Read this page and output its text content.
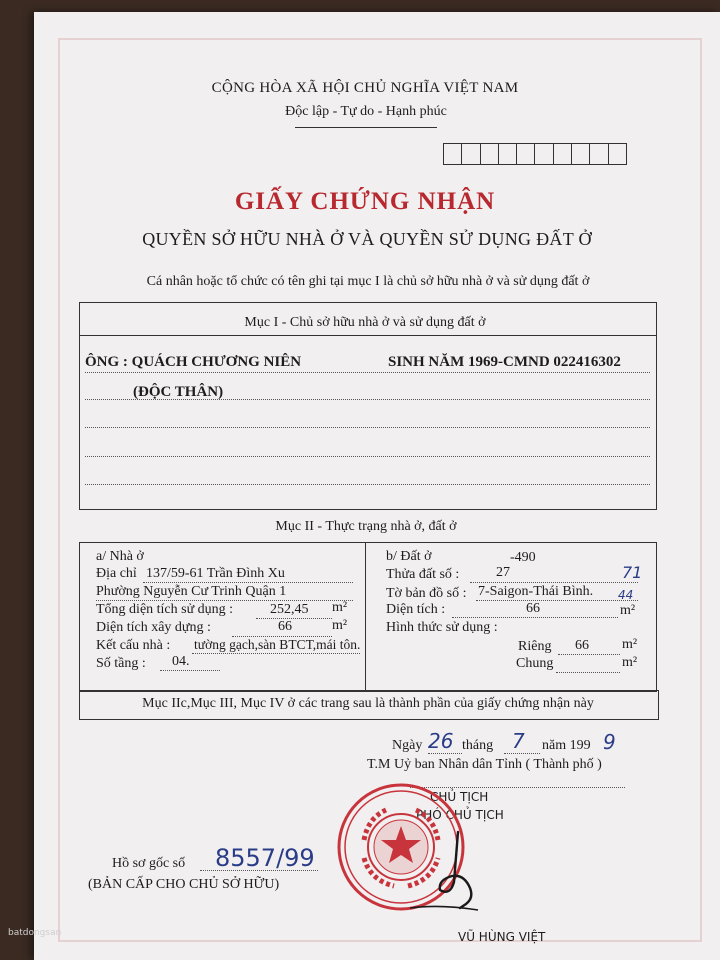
CỘNG HÒA XÃ HỘI CHỦ NGHĨA VIỆT NAM
Độc lập - Tự do - Hạnh phúc
GIẤY CHỨNG NHẬN
QUYỀN SỞ HỮU NHÀ Ở VÀ QUYỀN SỬ DỤNG ĐẤT Ở
Cá nhân hoặc tổ chức có tên ghi tại mục I là chủ sở hữu nhà ở và sử dụng đất ở
Mục I - Chủ sở hữu nhà ở và sử dụng đất ở
ÔNG : QUÁCH CHƯƠNG NIÊN	SINH NĂM 1969-CMND 022416302
(ĐỘC THÂN)
Mục II - Thực trạng nhà ở, đất ở
a/ Nhà ở
Địa chỉ 137/59-61 Trần Đình Xu
Phường Nguyễn Cư Trinh Quận 1
Tổng diện tích sử dụng :	252,45 m²
Diện tích xây dựng :	66	m²
Kết cấu nhà : tường gạch,sàn BTCT,mái tôn.
Số tầng : 04.
b/ Đất ở	-490
Thửa đất số :	27	71
Tờ bản đồ số : 7-Saigon-Thái Bình. 44
Diện tích :	66	m²
Hình thức sử dụng :
Riêng 66 m²
Chung	m²
Mục IIc,Mục III, Mục IV ở các trang sau là thành phần của giấy chứng nhận này
Ngày 26 tháng 7 năm 199 9
T.M Uỷ ban Nhân dân Tỉnh ( Thành phố )
CHỦ TỊCH
PHÓ CHỦ TỊCH
VŨ HÙNG VIỆT
Hồ sơ gốc số 8557/99
(BẢN CẤP CHO CHỦ SỞ HỮU)
batdongsan
